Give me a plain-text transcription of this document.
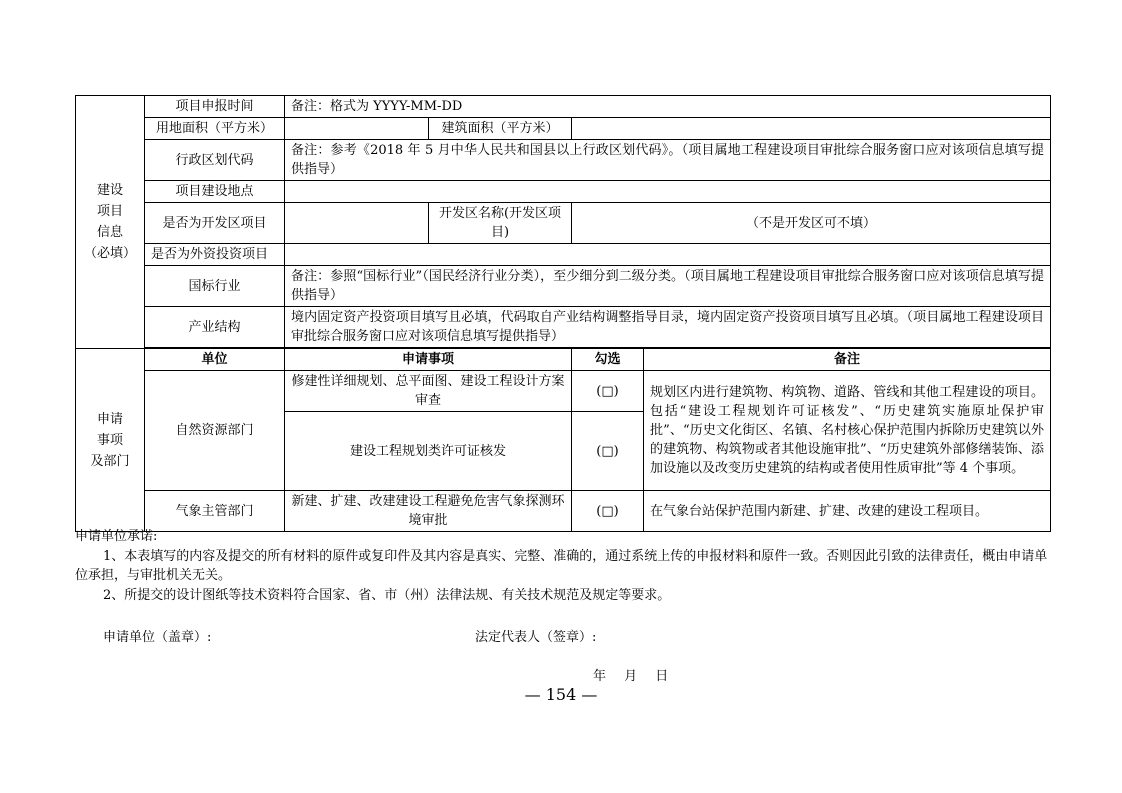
建设
项目
信息
（必填）	项目申报时间	备注：格式为 YYYY-MM-DD			
	用地面积（平方米）		建筑面积（平方米）		
	行政区划代码	备注：参考《2018 年 5 月中华人民共和国县以上行政区划代码》。（项目属地工程建设项目审批综合服务窗口应对该项信息填写提供指导）			
	项目建设地点				
	是否为开发区项目		开发区名称(开发区项目)	（不是开发区可不填）	
	是否为外资投资项目				
	国标行业	备注：参照“国标行业”（国民经济行业分类），至少细分到二级分类。（项目属地工程建设项目审批综合服务窗口应对该项信息填写提供指导）			
	产业结构	境内固定资产投资项目填写且必填，代码取自产业结构调整指导目录，境内固定资产投资项目填写且必填。（项目属地工程建设项目审批综合服务窗口应对该项信息填写提供指导）			

申请
事项
及部门	单位	申请事项		勾选	备注
	自然资源部门	修建性详细规划、总平面图、建设工程设计方案审查		(□)	规划区内进行建筑物、构筑物、道路、管线和其他工程建设的项目。包括“建设工程规划许可证核发”、“历史建筑实施原址保护审批”、“历史文化街区、名镇、名村核心保护范围内拆除历史建筑以外的建筑物、构筑物或者其他设施审批”、“历史建筑外部修缮装饰、添加设施以及改变历史建筑的结构或者使用性质审批”等 4 个事项。
		建设工程规划类许可证核发		(□)	
	气象主管部门	新建、扩建、改建建设工程避免危害气象探测环境审批		(□)	在气象台站保护范围内新建、扩建、改建的建设工程项目。

申请单位承诺:

1、本表填写的内容及提交的所有材料的原件或复印件及其内容是真实、完整、准确的，通过系统上传的申报材料和原件一致。否则因此引致的法律责任，概由申请单位承担，与审批机关无关。

2、所提交的设计图纸等技术资料符合国家、省、市（州）法律法规、有关技术规范及规定等要求。

申请单位（盖章）:	法定代表人（签章）:
年 月 日
— 154 —
